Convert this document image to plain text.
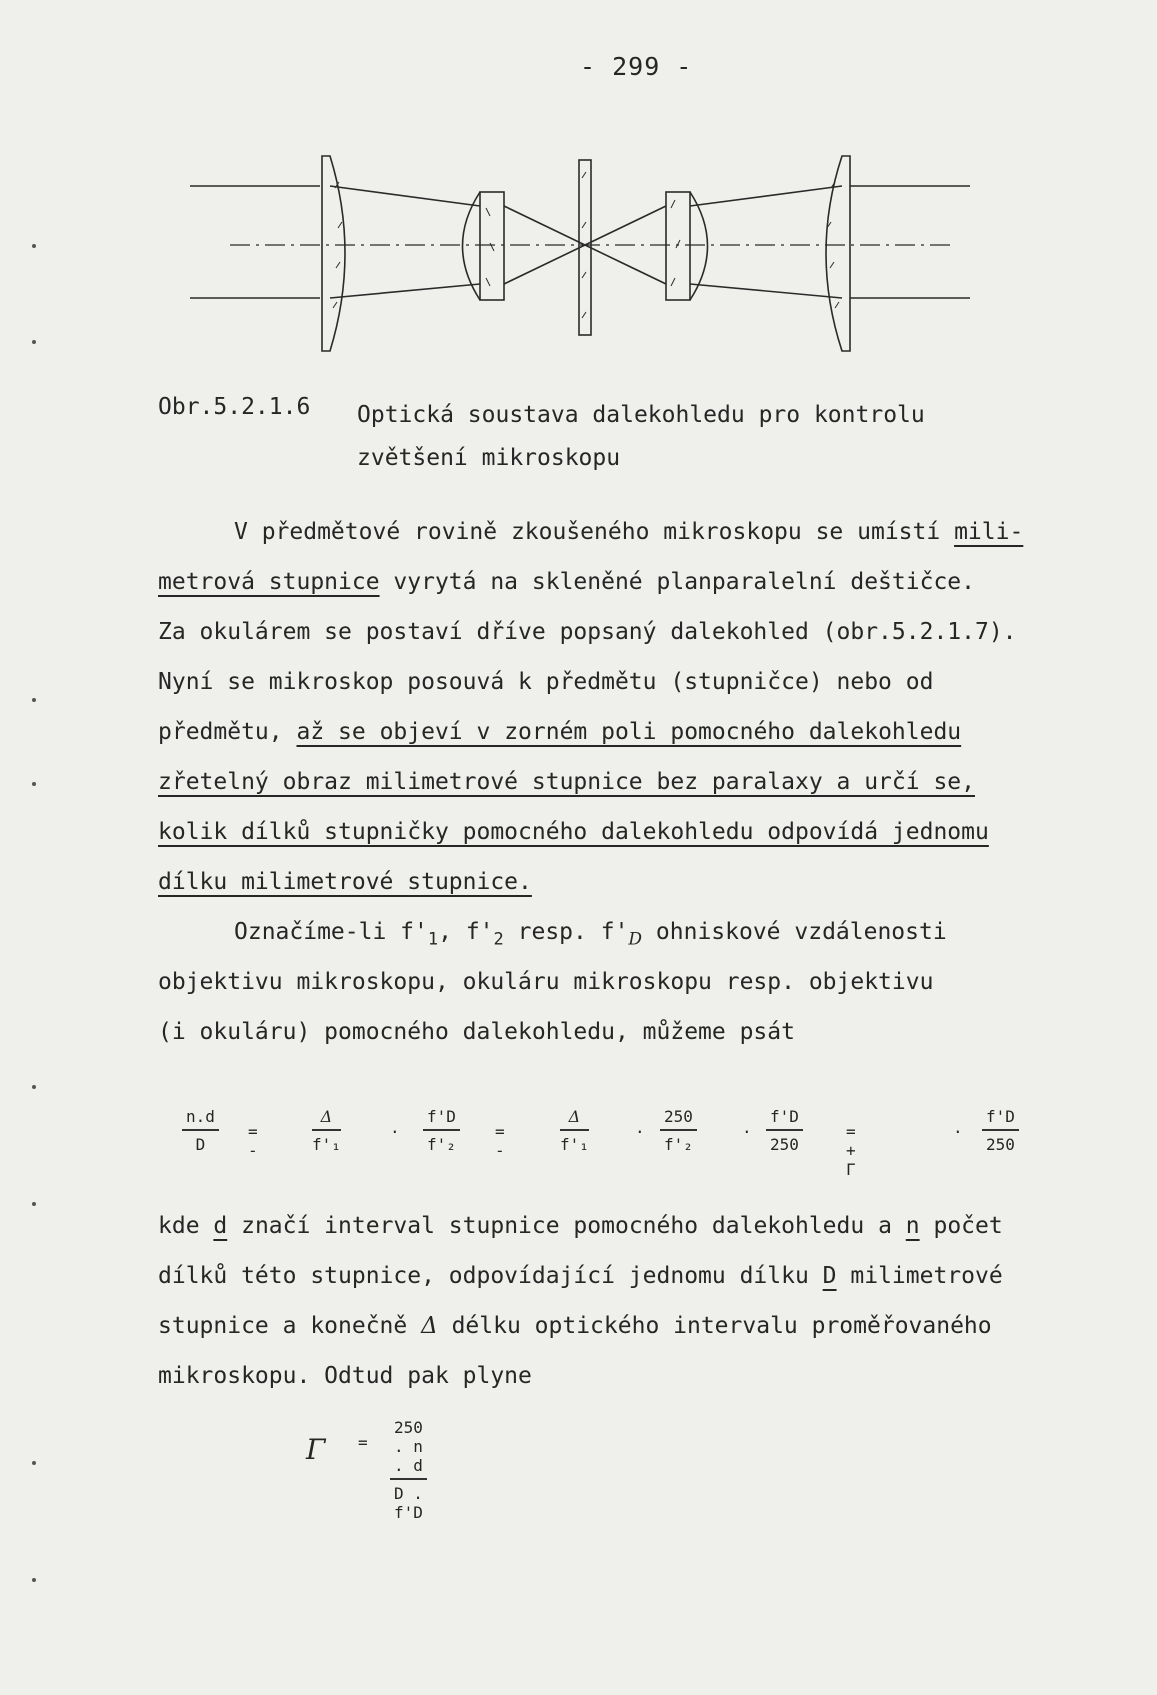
- 299 -
Obr.5.2.1.6 Optická soustava dalekohledu pro kontrolu
zvětšení mikroskopu
V předmětové rovině zkoušeného mikroskopu se umístí mili-
metrová stupnice vyrytá na skleněné planparalelní deštičce.
Za okulárem se postaví dříve popsaný dalekohled (obr.5.2.1.7).
Nyní se mikroskop posouvá k předmětu (stupničce) nebo od
předmětu, až se objeví v zorném poli pomocného dalekohledu
zřetelný obraz milimetrové stupnice bez paralaxy a určí se,
kolik dílků stupničky pomocného dalekohledu odpovídá jednomu
dílku milimetrové stupnice.
Označíme-li $f'_1$, $f'_2$ resp. $f'_D$ ohniskové vzdálenosti
objektivu mikroskopu, okuláru mikroskopu resp. objektivu
(i okuláru) pomocného dalekohledu, můžeme psát
$\frac{n.d}{D}$ = -	$\frac{\Delta}{\text{f'₁}}$	. $\frac{f'D}{\text{f'₂}}$ = -	$\frac{\Delta}{\text{f'₁}}$	. $\frac{250}{\text{f'₂}}$	. $\frac{f'D}{250}$	= + Γ
. $\frac{f'D}{250}$
kde d značí interval stupnice pomocného dalekohledu a n počet
dílků této stupnice, odpovídající jednomu dílku D milimetrové
stupnice a konečně Δ délku optického intervalu proměřovaného
mikroskopu. Odtud pak plyne
$\Gamma = \frac{250 . n . d}{D . f'D}$
